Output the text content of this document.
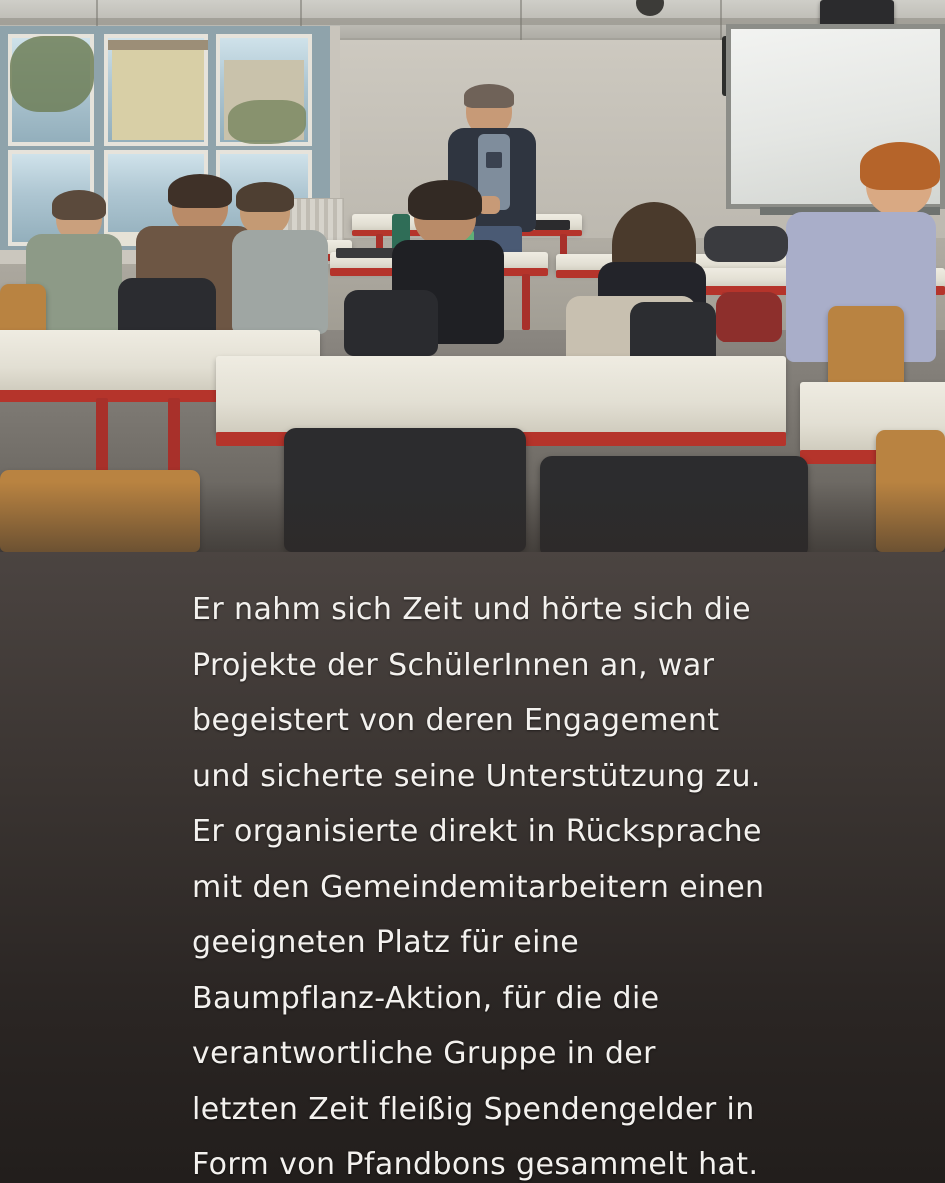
Er nahm sich Zeit und hörte sich die
Projekte der SchülerInnen an, war
begeistert von deren Engagement
und sicherte seine Unterstützung zu.
Er organisierte direkt in Rücksprache
mit den Gemeindemitarbeitern einen
geeigneten Platz für eine
Baumpflanz-Aktion, für die die
verantwortliche Gruppe in der
letzten Zeit fleißig Spendengelder in
Form von Pfandbons gesammelt hat.
